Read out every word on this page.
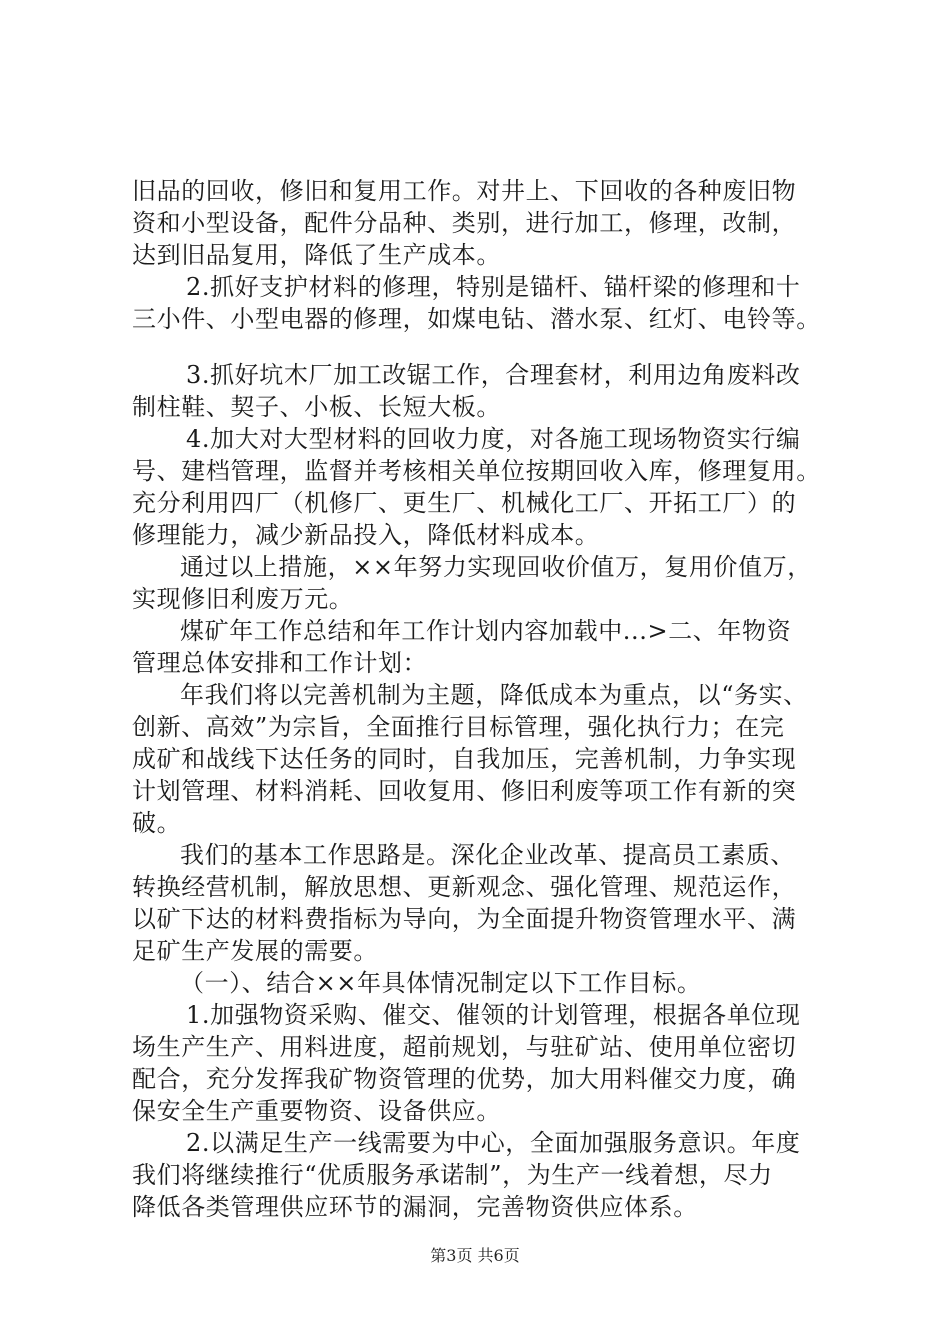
旧品的回收，修旧和复用工作。对井上、下回收的各种废旧物
资和小型设备，配件分品种、类别，进行加工，修理，改制，
达到旧品复用，降低了生产成本。
2.抓好支护材料的修理，特别是锚杆、锚杆梁的修理和十
三小件、小型电器的修理，如煤电钻、潜水泵、红灯、电铃等。
3.抓好坑木厂加工改锯工作，合理套材，利用边角废料改
制柱鞋、契子、小板、长短大板。
4.加大对大型材料的回收力度，对各施工现场物资实行编
号、建档管理，监督并考核相关单位按期回收入库，修理复用。
充分利用四厂（机修厂、更生厂、机械化工厂、开拓工厂）的
修理能力，减少新品投入，降低材料成本。
通过以上措施，××年努力实现回收价值万，复用价值万，
实现修旧利废万元。
煤矿年工作总结和年工作计划内容加载中...>二、年物资
管理总体安排和工作计划：
年我们将以完善机制为主题，降低成本为重点，以“务实、
创新、高效”为宗旨，全面推行目标管理，强化执行力；在完
成矿和战线下达任务的同时，自我加压，完善机制，力争实现
计划管理、材料消耗、回收复用、修旧利废等项工作有新的突
破。
我们的基本工作思路是。深化企业改革、提高员工素质、
转换经营机制，解放思想、更新观念、强化管理、规范运作，
以矿下达的材料费指标为导向，为全面提升物资管理水平、满
足矿生产发展的需要。
（一）、结合××年具体情况制定以下工作目标。
1.加强物资采购、催交、催领的计划管理，根据各单位现
场生产生产、用料进度，超前规划，与驻矿站、使用单位密切
配合，充分发挥我矿物资管理的优势，加大用料催交力度，确
保安全生产重要物资、设备供应。
2.以满足生产一线需要为中心，全面加强服务意识。年度
我们将继续推行“优质服务承诺制”，为生产一线着想，尽力
降低各类管理供应环节的漏洞，完善物资供应体系。
第3页 共6页
